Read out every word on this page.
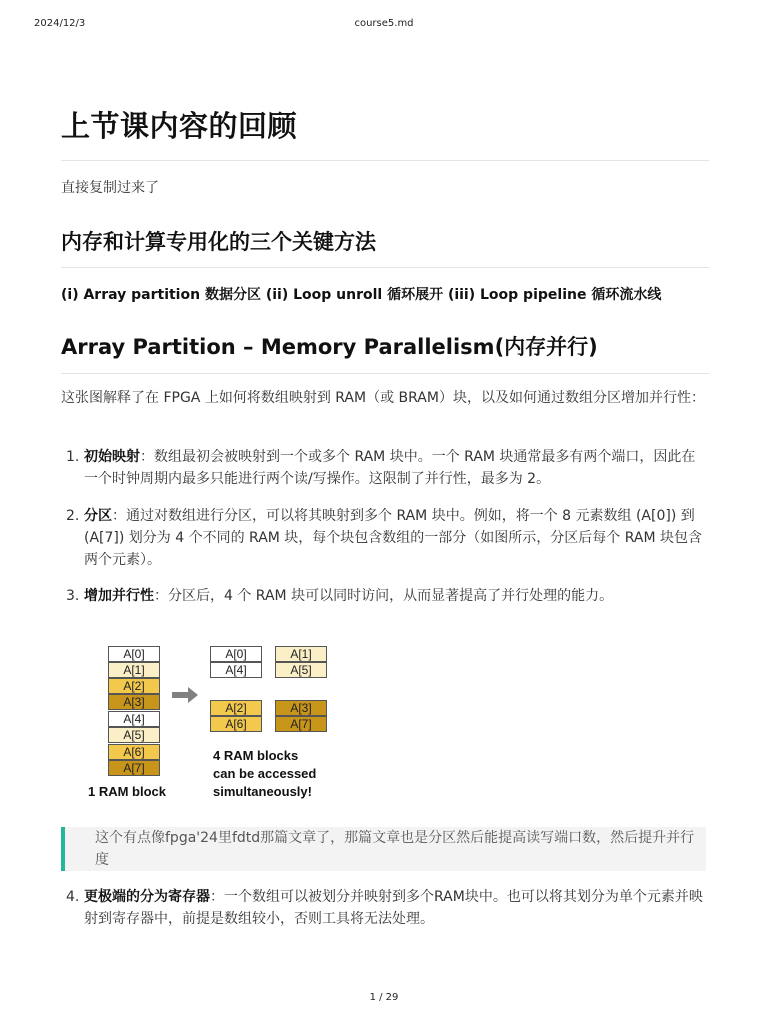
2024/12/3	course5.md
上节课内容的回顾
直接复制过来了
内存和计算专用化的三个关键方法
(i) Array partition 数据分区 (ii) Loop unroll 循环展开 (iii) Loop pipeline 循环流水线
Array Partition – Memory Parallelism(内存并行)
这张图解释了在 FPGA 上如何将数组映射到 RAM（或 BRAM）块，以及如何通过数组分区增加并行性：
1. 初始映射：数组最初会被映射到一个或多个 RAM 块中。一个 RAM 块通常最多有两个端口，因此在一个时钟周期内最多只能进行两个读/写操作。这限制了并行性，最多为 2。
2. 分区：通过对数组进行分区，可以将其映射到多个 RAM 块中。例如，将一个 8 元素数组 (A[0]) 到 (A[7]) 划分为 4 个不同的 RAM 块，每个块包含数组的一部分（如图所示，分区后每个 RAM 块包含两个元素）。
3. 增加并行性：分区后，4 个 RAM 块可以同时访问，从而显著提高了并行处理的能力。
A[0]
A[1]
A[2]
A[3]
A[4]
A[5]
A[6]
A[7]
1 RAM block
A[0]
A[4]
A[1]
A[5]
A[2]
A[6]
A[3]
A[7]
4 RAM blocks
can be accessed
simultaneously!
这个有点像fpga'24里fdtd那篇文章了，那篇文章也是分区然后能提高读写端口数，然后提升并行度
4. 更极端的分为寄存器：一个数组可以被划分并映射到多个RAM块中。也可以将其划分为单个元素并映射到寄存器中，前提是数组较小，否则工具将无法处理。
1 / 29
